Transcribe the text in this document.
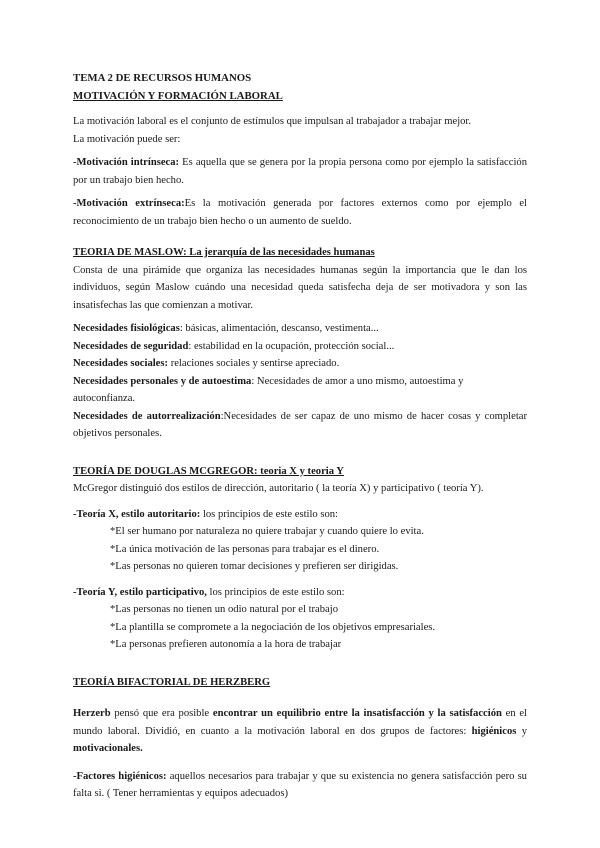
TEMA 2 DE RECURSOS HUMANOS

MOTIVACIÓN Y FORMACIÓN LABORAL

La motivación laboral es el conjunto de estímulos que impulsan al trabajador a trabajar mejor.

La motivación puede ser:

-Motivación intrínseca: Es aquella que se genera por la propia persona como por ejemplo la satisfacción por un trabajo bien hecho.

-Motivación extrínseca:Es la motivación generada por factores externos como por ejemplo el reconocimiento de un trabajo bien hecho o un aumento de sueldo.

TEORIA DE MASLOW: La jerarquía de las necesidades humanas

Consta de una pirámide que organiza las necesidades humanas según la importancia que le dan los individuos, según Maslow cuándo una necesidad queda satisfecha deja de ser motivadora y son las insatisfechas las que comienzan a motivar.

Necesidades fisiológicas: básicas, alimentación, descanso, vestimenta...

Necesidades de seguridad: estabilidad en la ocupación, protección social...

Necesidades sociales: relaciones sociales y sentirse apreciado.

Necesidades personales y de autoestima: Necesidades de amor a uno mismo, autoestima y autoconfianza.

Necesidades de autorrealización:Necesidades de ser capaz de uno mismo de hacer cosas y completar objetivos personales.

TEORÍA DE DOUGLAS MCGREGOR: teoria X y teoria Y

McGregor distinguió dos estilos de dirección, autoritario ( la teoría X) y participativo ( teoría Y).

-Teoría X, estilo autoritario: los principios de este estilo son:

*El ser humano por naturaleza no quiere trabajar y cuando quiere lo evita.

*La única motivación de las personas para trabajar es el dinero.

*Las personas no quieren tomar decisiones y prefieren ser dirigidas.

-Teoría Y, estilo participativo, los principios de este estilo son:

*Las personas no tienen un odio natural por el trabajo

*La plantilla se compromete a la negociación de los objetivos empresariales.

*La personas prefieren autonomía a la hora de trabajar

TEORÍA BIFACTORIAL DE HERZBERG

Herzerb pensó que era posible encontrar un equilibrio entre la insatisfacción y la satisfacción en el mundo laboral. Dividió, en cuanto a la motivación laboral en dos grupos de factores: higiénicos y motivacionales.

-Factores higiénicos: aquellos necesarios para trabajar y que su existencia no genera satisfacción pero su falta si. ( Tener herramientas y equipos adecuados)
